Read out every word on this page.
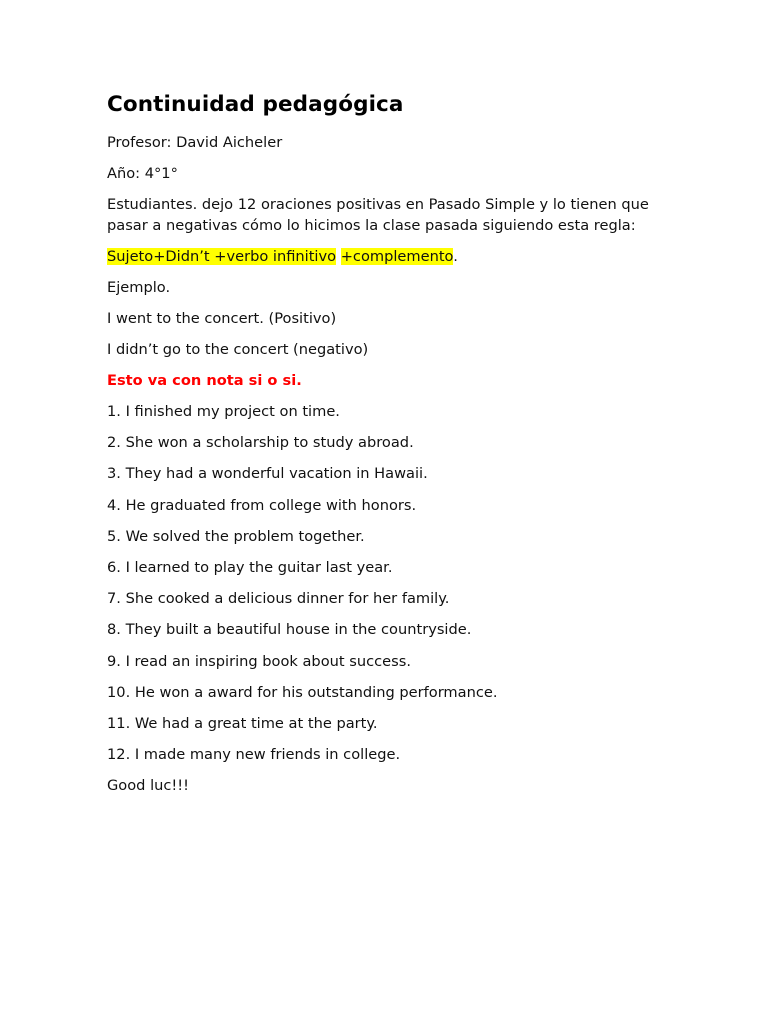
Continuidad pedagógica

Profesor: David Aicheler

Año: 4°1°

Estudiantes. dejo 12 oraciones positivas en Pasado Simple y lo tienen que pasar a negativas cómo lo hicimos la clase pasada siguiendo esta regla:

Sujeto+Didn’t +verbo infinitivo +complemento.

Ejemplo.

I went to the concert. (Positivo)

I didn’t go to the concert (negativo)

Esto va con nota si o si.

1. I finished my project on time.
2. She won a scholarship to study abroad.
3. They had a wonderful vacation in Hawaii.
4. He graduated from college with honors.
5. We solved the problem together.
6. I learned to play the guitar last year.
7. She cooked a delicious dinner for her family.
8. They built a beautiful house in the countryside.
9. I read an inspiring book about success.
10. He won a award for his outstanding performance.
11. We had a great time at the party.
12. I made many new friends in college.

Good luc!!!
